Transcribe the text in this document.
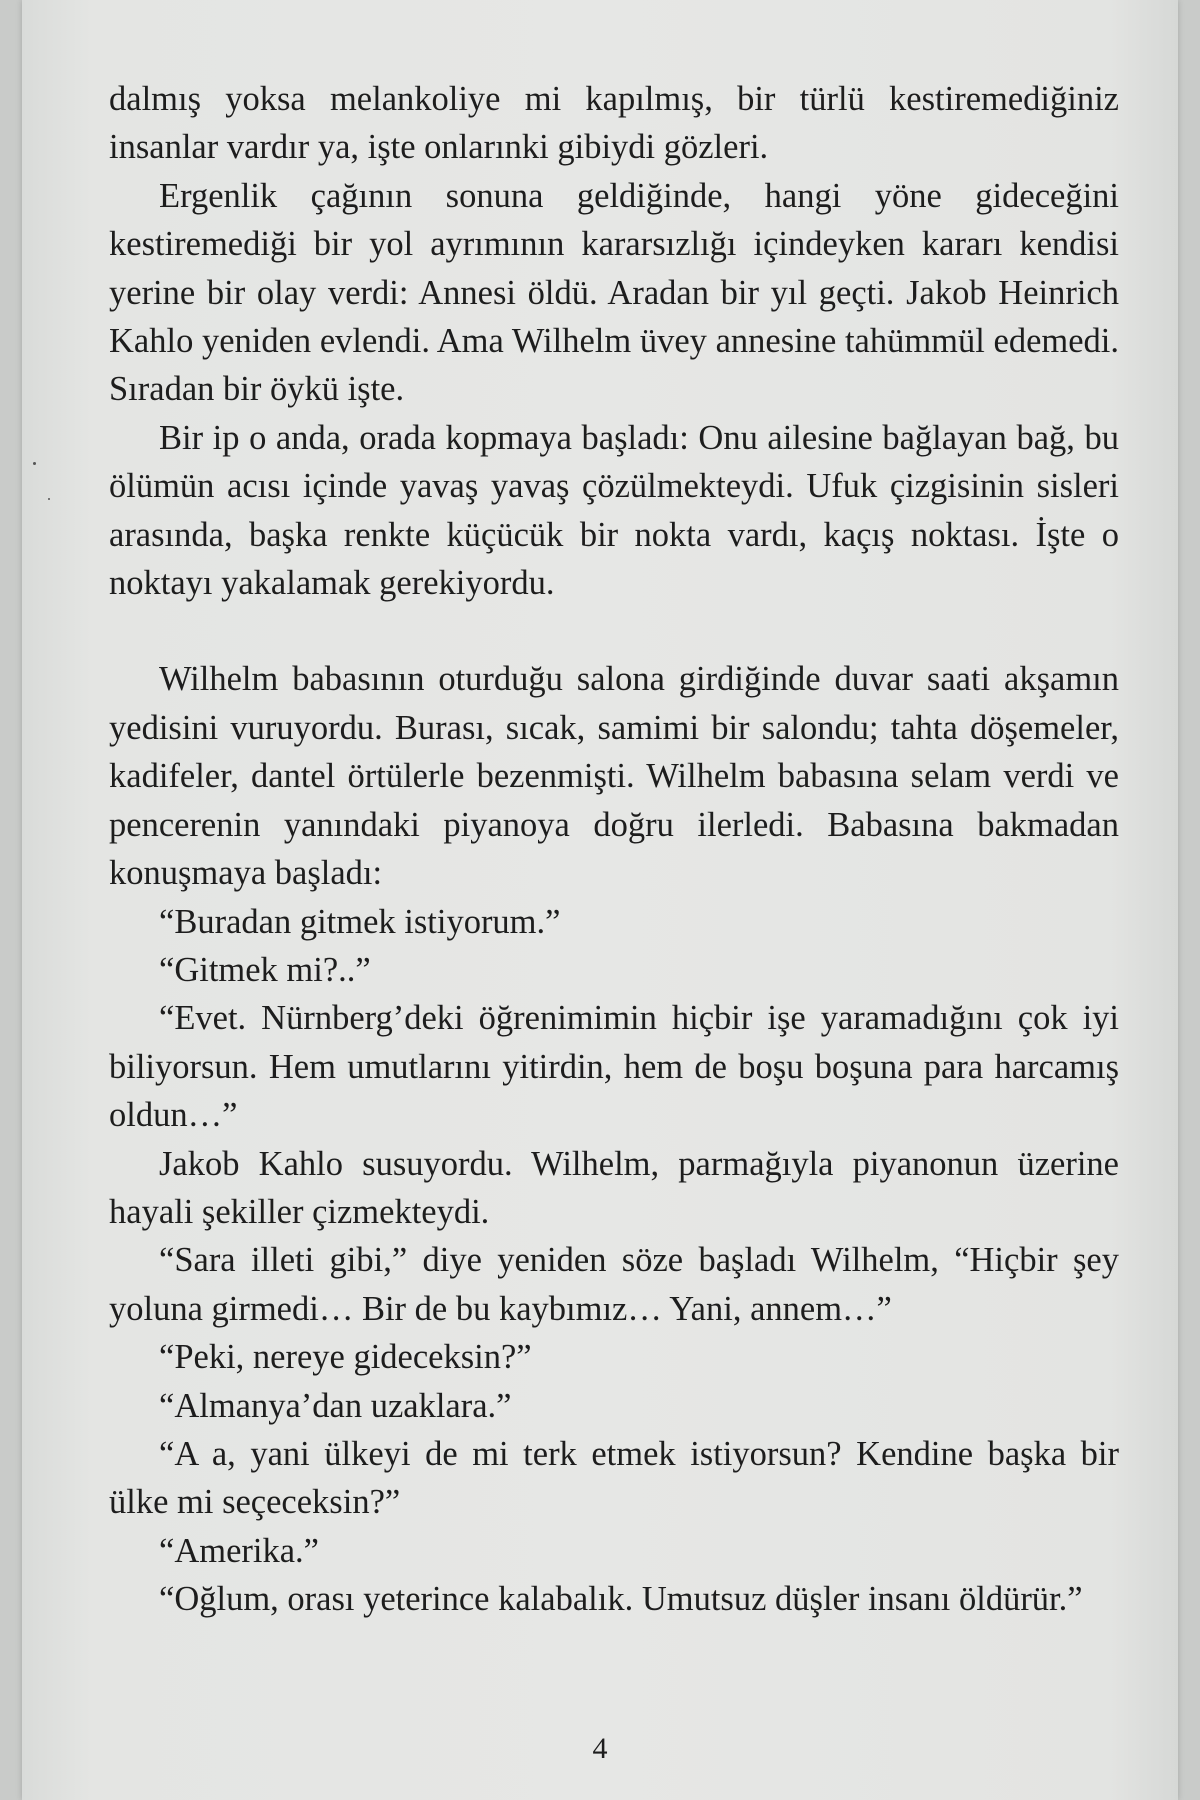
dalmış yoksa melankoliye mi kapılmış, bir türlü kestiremediğiniz insanlar vardır ya, işte onlarınki gibiydi gözleri.

Ergenlik çağının sonuna geldiğinde, hangi yöne gideceğini kestiremediği bir yol ayrımının kararsızlığı içindeyken kararı kendisi yerine bir olay verdi: Annesi öldü. Aradan bir yıl geçti. Jakob Heinrich Kahlo yeniden evlendi. Ama Wilhelm üvey annesine tahümmül edemedi. Sıradan bir öykü işte.

Bir ip o anda, orada kopmaya başladı: Onu ailesine bağlayan bağ, bu ölümün acısı içinde yavaş yavaş çözülmekteydi. Ufuk çizgisinin sisleri arasında, başka renkte küçücük bir nokta vardı, kaçış noktası. İşte o noktayı yakalamak gerekiyordu.

Wilhelm babasının oturduğu salona girdiğinde duvar saati akşamın yedisini vuruyordu. Burası, sıcak, samimi bir salondu; tahta döşemeler, kadifeler, dantel örtülerle bezenmişti. Wilhelm babasına selam verdi ve pencerenin yanındaki piyanoya doğru ilerledi. Babasına bakmadan konuşmaya başladı:

“Buradan gitmek istiyorum.”

“Gitmek mi?..”

“Evet. Nürnberg’deki öğrenimimin hiçbir işe yaramadığını çok iyi biliyorsun. Hem umutlarını yitirdin, hem de boşu boşuna para harcamış oldun…”

Jakob Kahlo susuyordu. Wilhelm, parmağıyla piyanonun üzerine hayali şekiller çizmekteydi.

“Sara illeti gibi,” diye yeniden söze başladı Wilhelm, “Hiçbir şey yoluna girmedi… Bir de bu kaybımız… Yani, annem…”

“Peki, nereye gideceksin?”

“Almanya’dan uzaklara.”

“A a, yani ülkeyi de mi terk etmek istiyorsun? Kendine başka bir ülke mi seçeceksin?”

“Amerika.”

“Oğlum, orası yeterince kalabalık. Umutsuz düşler insanı öldürür.”

4
